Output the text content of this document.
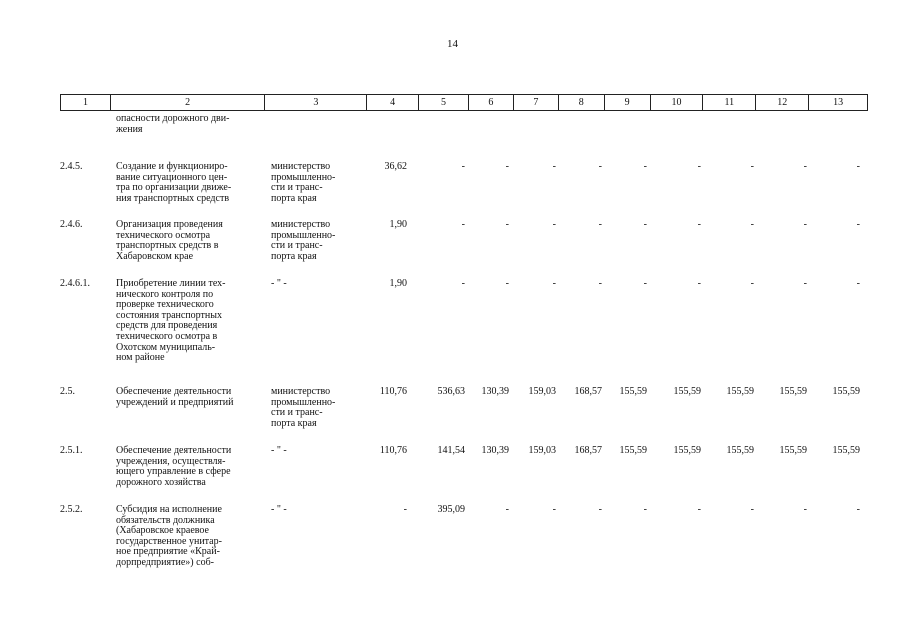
14
1	2	3	4	5	6	7	8	9	10	11	12	13
опасности дорожного дви-
жения
2.4.5.	Создание и функциониро-
вание ситуационного цен-
тра по организации движе-
ния транспортных средств
министерство
промышленно-
сти и транс-
порта края
36,62	-	-	-	-	-	-	-	-	-
2.4.6.	Организация проведения
технического осмотра
транспортных средств в
Хабаровском крае
министерство
промышленно-
сти и транс-
порта края
1,90	-	-	-	-	-	-	-	-	-
2.4.6.1.	Приобретение линии тех-
нического контроля по
проверке технического
состояния транспортных
средств для проведения
технического осмотра в
Охотском муниципаль-
ном районе
- " -	1,90	-	-	-	-	-	-	-	-	-
2.5.	Обеспечение деятельности
учреждений и предприятий
министерство
промышленно-
сти и транс-
порта края
110,76	536,63	130,39	159,03	168,57	155,59	155,59	155,59	155,59	155,59
2.5.1.	Обеспечение деятельности
учреждения, осуществля-
ющего управление в сфере
дорожного хозяйства
- " -	110,76	141,54	130,39	159,03	168,57	155,59	155,59	155,59	155,59	155,59
2.5.2.	Субсидия на исполнение
обязательств должника
(Хабаровское краевое
государственное унитар-
ное предприятие «Край-
дорпредприятие») соб-
- " -	-	395,09	-	-	-	-	-	-	-	-
